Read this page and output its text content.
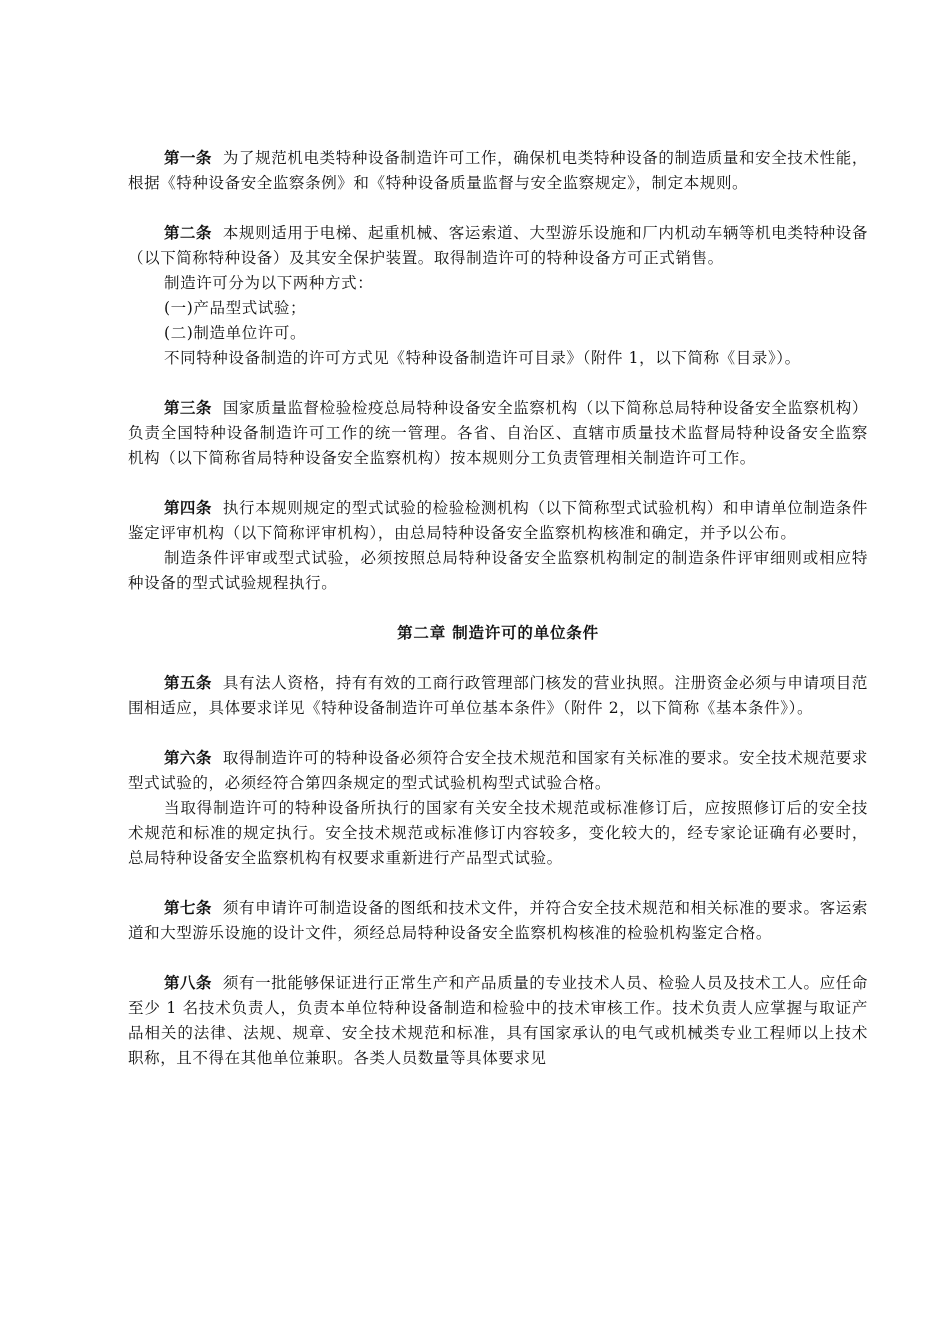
第一条 为了规范机电类特种设备制造许可工作，确保机电类特种设备的制造质量和安全技术性能，根据《特种设备安全监察条例》和《特种设备质量监督与安全监察规定》，制定本规则。

第二条 本规则适用于电梯、起重机械、客运索道、大型游乐设施和厂内机动车辆等机电类特种设备（以下简称特种设备）及其安全保护装置。取得制造许可的特种设备方可正式销售。

制造许可分为以下两种方式：

(一)产品型式试验；

(二)制造单位许可。

不同特种设备制造的许可方式见《特种设备制造许可目录》（附件 1，以下简称《目录》）。

第三条 国家质量监督检验检疫总局特种设备安全监察机构（以下简称总局特种设备安全监察机构）负责全国特种设备制造许可工作的统一管理。各省、自治区、直辖市质量技术监督局特种设备安全监察机构（以下简称省局特种设备安全监察机构）按本规则分工负责管理相关制造许可工作。

第四条 执行本规则规定的型式试验的检验检测机构（以下简称型式试验机构）和申请单位制造条件鉴定评审机构（以下简称评审机构），由总局特种设备安全监察机构核准和确定，并予以公布。

制造条件评审或型式试验，必须按照总局特种设备安全监察机构制定的制造条件评审细则或相应特种设备的型式试验规程执行。

第二章 制造许可的单位条件

第五条 具有法人资格，持有有效的工商行政管理部门核发的营业执照。注册资金必须与申请项目范围相适应，具体要求详见《特种设备制造许可单位基本条件》（附件 2，以下简称《基本条件》）。

第六条 取得制造许可的特种设备必须符合安全技术规范和国家有关标准的要求。安全技术规范要求型式试验的，必须经符合第四条规定的型式试验机构型式试验合格。

当取得制造许可的特种设备所执行的国家有关安全技术规范或标准修订后，应按照修订后的安全技术规范和标准的规定执行。安全技术规范或标准修订内容较多，变化较大的，经专家论证确有必要时，总局特种设备安全监察机构有权要求重新进行产品型式试验。

第七条 须有申请许可制造设备的图纸和技术文件，并符合安全技术规范和相关标准的要求。客运索道和大型游乐设施的设计文件，须经总局特种设备安全监察机构核准的检验机构鉴定合格。

第八条 须有一批能够保证进行正常生产和产品质量的专业技术人员、检验人员及技术工人。应任命至少 1 名技术负责人，负责本单位特种设备制造和检验中的技术审核工作。技术负责人应掌握与取证产品相关的法律、法规、规章、安全技术规范和标准，具有国家承认的电气或机械类专业工程师以上技术职称，且不得在其他单位兼职。各类人员数量等具体要求见
